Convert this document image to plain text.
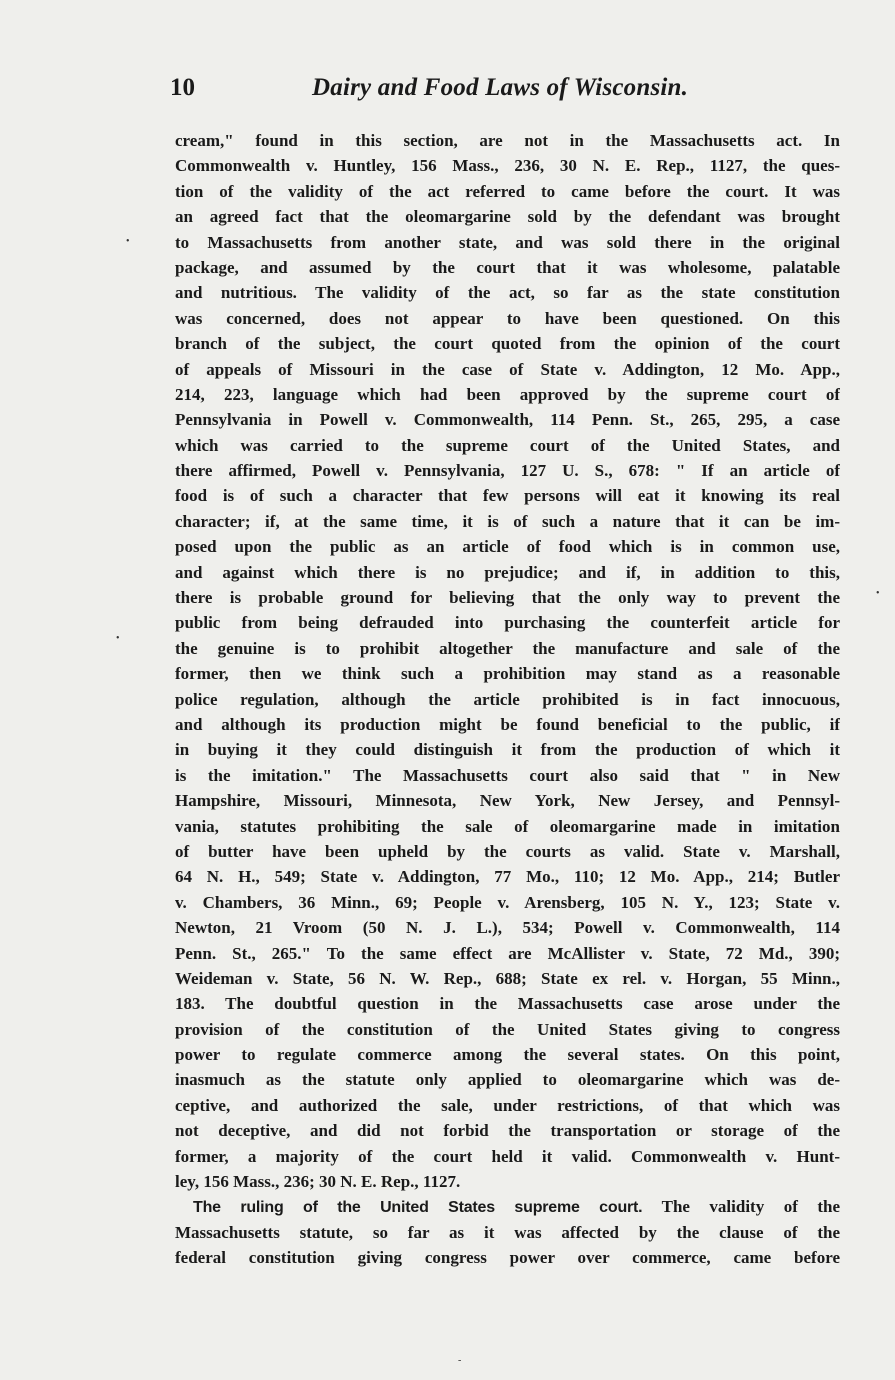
10	Dairy and Food Laws of Wisconsin.
cream," found in this section, are not in the Massachusetts act. In
Commonwealth v. Huntley, 156 Mass., 236, 30 N. E. Rep., 1127, the ques-
tion of the validity of the act referred to came before the court. It was
an agreed fact that the oleomargarine sold by the defendant was brought
to Massachusetts from another state, and was sold there in the original
package, and assumed by the court that it was wholesome, palatable
and nutritious. The validity of the act, so far as the state constitution
was concerned, does not appear to have been questioned. On this
branch of the subject, the court quoted from the opinion of the court
of appeals of Missouri in the case of State v. Addington, 12 Mo. App.,
214, 223, language which had been approved by the supreme court of
Pennsylvania in Powell v. Commonwealth, 114 Penn. St., 265, 295, a case
which was carried to the supreme court of the United States, and
there affirmed, Powell v. Pennsylvania, 127 U. S., 678: " If an article of
food is of such a character that few persons will eat it knowing its real
character; if, at the same time, it is of such a nature that it can be im-
posed upon the public as an article of food which is in common use,
and against which there is no prejudice; and if, in addition to this,
there is probable ground for believing that the only way to prevent the
public from being defrauded into purchasing the counterfeit article for
the genuine is to prohibit altogether the manufacture and sale of the
former, then we think such a prohibition may stand as a reasonable
police regulation, although the article prohibited is in fact innocuous,
and although its production might be found beneficial to the public, if
in buying it they could distinguish it from the production of which it
is the imitation." The Massachusetts court also said that " in New
Hampshire, Missouri, Minnesota, New York, New Jersey, and Pennsyl-
vania, statutes prohibiting the sale of oleomargarine made in imitation
of butter have been upheld by the courts as valid. State v. Marshall,
64 N. H., 549; State v. Addington, 77 Mo., 110; 12 Mo. App., 214; Butler
v. Chambers, 36 Minn., 69; People v. Arensberg, 105 N. Y., 123; State v.
Newton, 21 Vroom (50 N. J. L.), 534; Powell v. Commonwealth, 114
Penn. St., 265." To the same effect are McAllister v. State, 72 Md., 390;
Weideman v. State, 56 N. W. Rep., 688; State ex rel. v. Horgan, 55 Minn.,
183. The doubtful question in the Massachusetts case arose under the
provision of the constitution of the United States giving to congress
power to regulate commerce among the several states. On this point,
inasmuch as the statute only applied to oleomargarine which was de-
ceptive, and authorized the sale, under restrictions, of that which was
not deceptive, and did not forbid the transportation or storage of the
former, a majority of the court held it valid. Commonwealth v. Hunt-
ley, 156 Mass., 236; 30 N. E. Rep., 1127.
The ruling of the United States supreme court. The validity of the
Massachusetts statute, so far as it was affected by the clause of the
federal constitution giving congress power over commerce, came before
•
•
•
-
